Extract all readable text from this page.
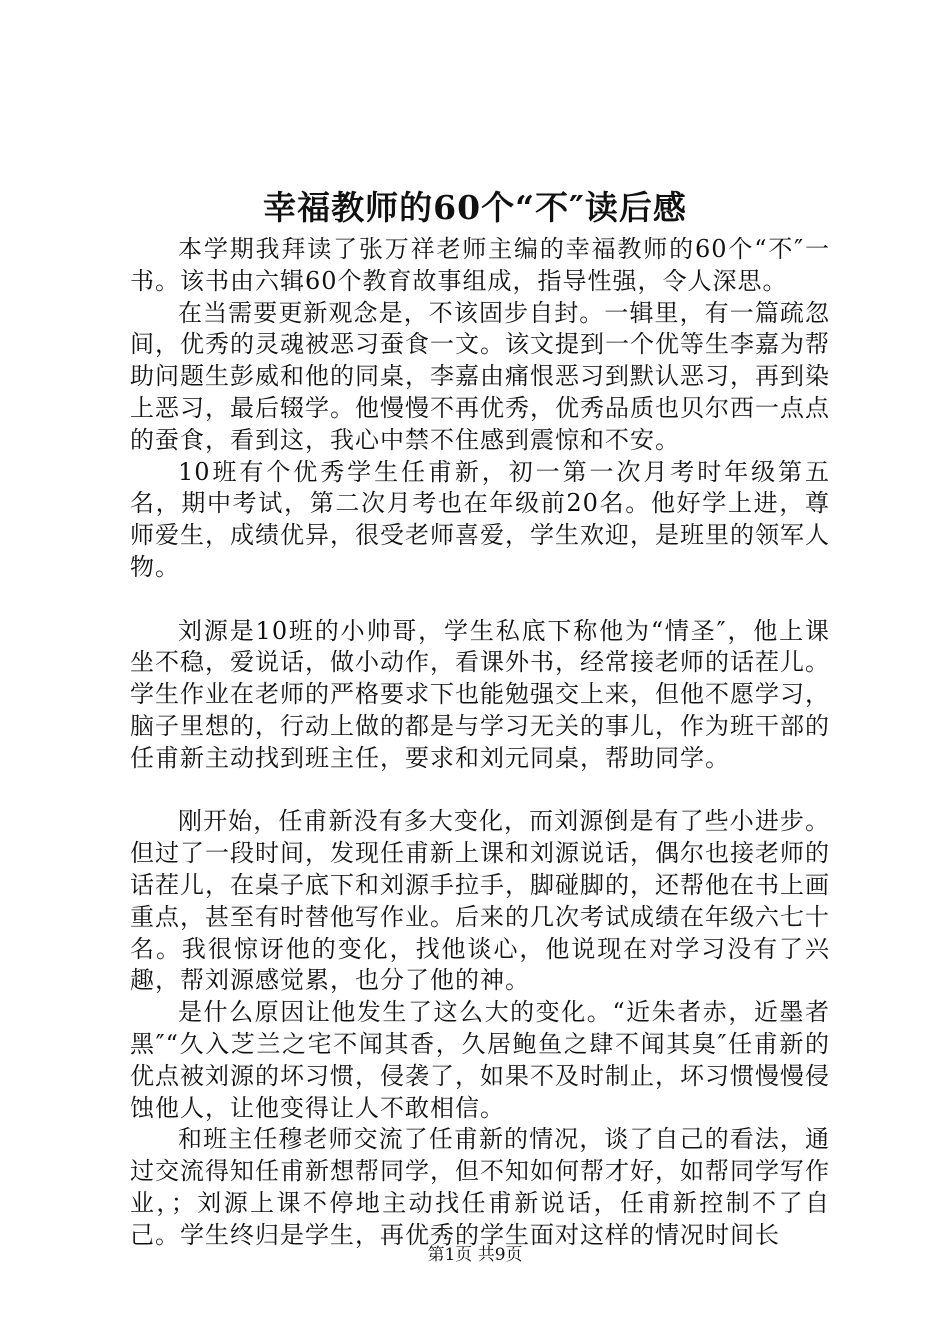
幸福教师的60个“不″读后感

本学期我拜读了张万祥老师主编的幸福教师的60个“不″一书。该书由六辑60个教育故事组成，指导性强，令人深思。

在当需要更新观念是，不该固步自封。一辑里，有一篇疏忽间，优秀的灵魂被恶习蚕食一文。该文提到一个优等生李嘉为帮助问题生彭威和他的同桌，李嘉由痛恨恶习到默认恶习，再到染上恶习，最后辍学。他慢慢不再优秀，优秀品质也贝尔西一点点的蚕食，看到这，我心中禁不住感到震惊和不安。

10班有个优秀学生任甫新，初一第一次月考时年级第五名，期中考试，第二次月考也在年级前20名。他好学上进，尊师爱生，成绩优异，很受老师喜爱，学生欢迎，是班里的领军人物。

刘源是10班的小帅哥，学生私底下称他为“情圣″，他上课坐不稳，爱说话，做小动作，看课外书，经常接老师的话茬儿。学生作业在老师的严格要求下也能勉强交上来，但他不愿学习，脑子里想的，行动上做的都是与学习无关的事儿，作为班干部的任甫新主动找到班主任，要求和刘元同桌，帮助同学。

刚开始，任甫新没有多大变化，而刘源倒是有了些小进步。但过了一段时间，发现任甫新上课和刘源说话，偶尔也接老师的话茬儿，在桌子底下和刘源手拉手，脚碰脚的，还帮他在书上画重点，甚至有时替他写作业。后来的几次考试成绩在年级六七十名。我很惊讶他的变化，找他谈心，他说现在对学习没有了兴趣，帮刘源感觉累，也分了他的神。

是什么原因让他发生了这么大的变化。“近朱者赤，近墨者黑″“久入芝兰之宅不闻其香，久居鲍鱼之肆不闻其臭″任甫新的优点被刘源的坏习惯，侵袭了，如果不及时制止，坏习惯慢慢侵蚀他人，让他变得让人不敢相信。

和班主任穆老师交流了任甫新的情况，谈了自己的看法，通过交流得知任甫新想帮同学，但不知如何帮才好，如帮同学写作业，；刘源上课不停地主动找任甫新说话，任甫新控制不了自己。学生终归是学生，再优秀的学生面对这样的情况时间长

第1页 共9页
